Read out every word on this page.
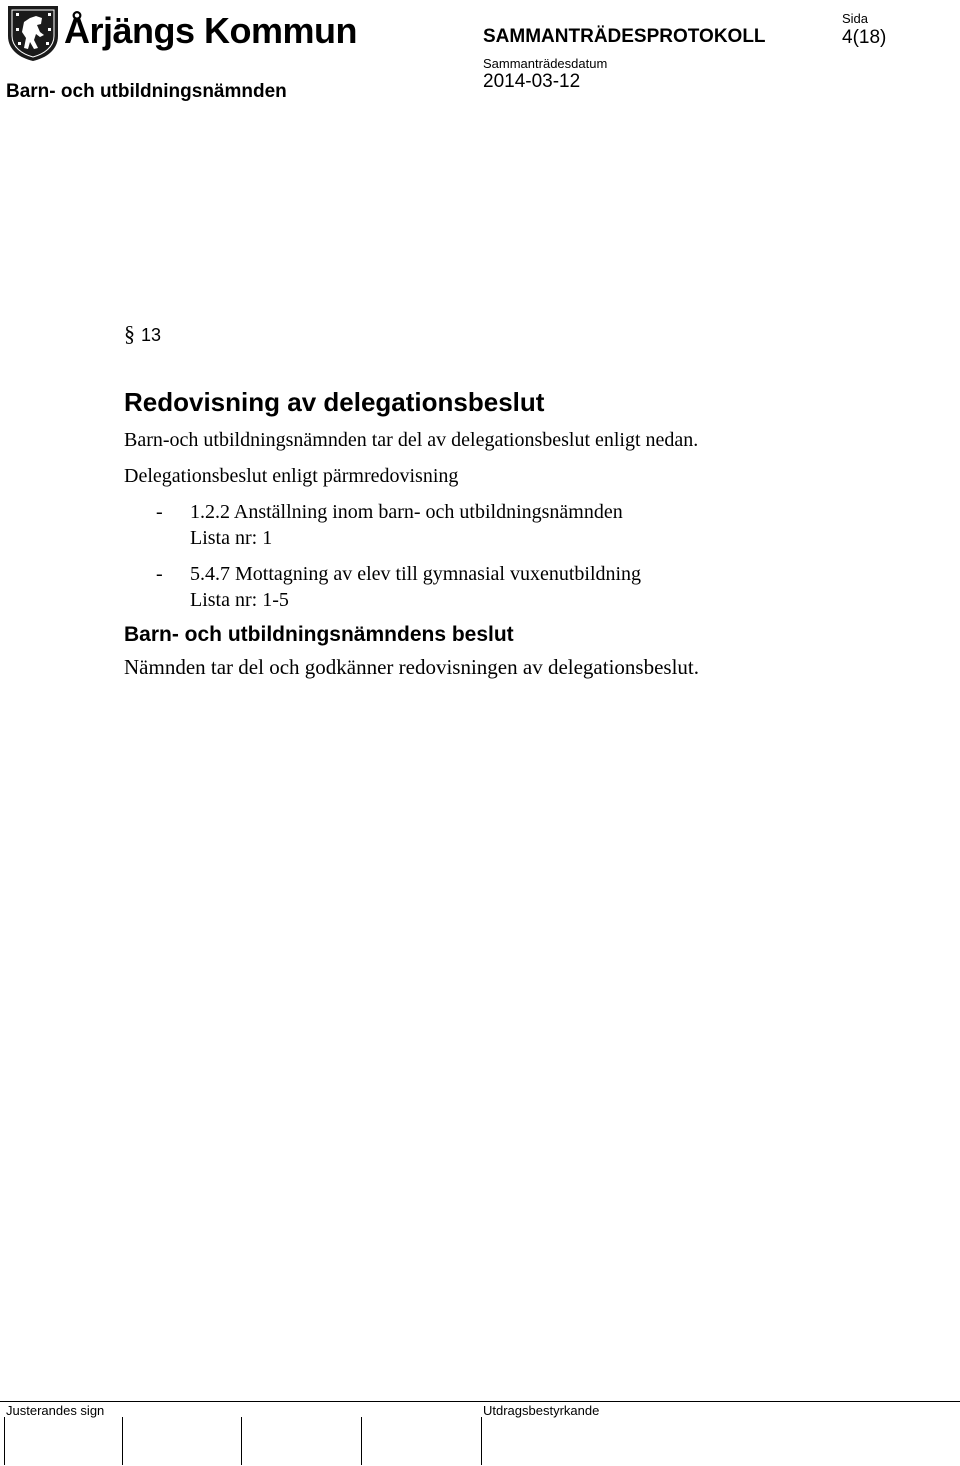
Årjängs Kommun
Barn- och utbildningsnämnden
SAMMANTRÄDESPROTOKOLL
Sammanträdesdatum
2014-03-12
Sida
4(18)
§ 13
Redovisning av delegationsbeslut
Barn-och utbildningsnämnden tar del av delegationsbeslut enligt nedan.
Delegationsbeslut enligt pärmredovisning
- 1.2.2 Anställning inom barn- och utbildningsnämnden
Lista nr: 1
- 5.4.7 Mottagning av elev till gymnasial vuxenutbildning
Lista nr: 1-5
Barn- och utbildningsnämndens beslut
Nämnden tar del och godkänner redovisningen av delegationsbeslut.
Justerandes sign	Utdragsbestyrkande
